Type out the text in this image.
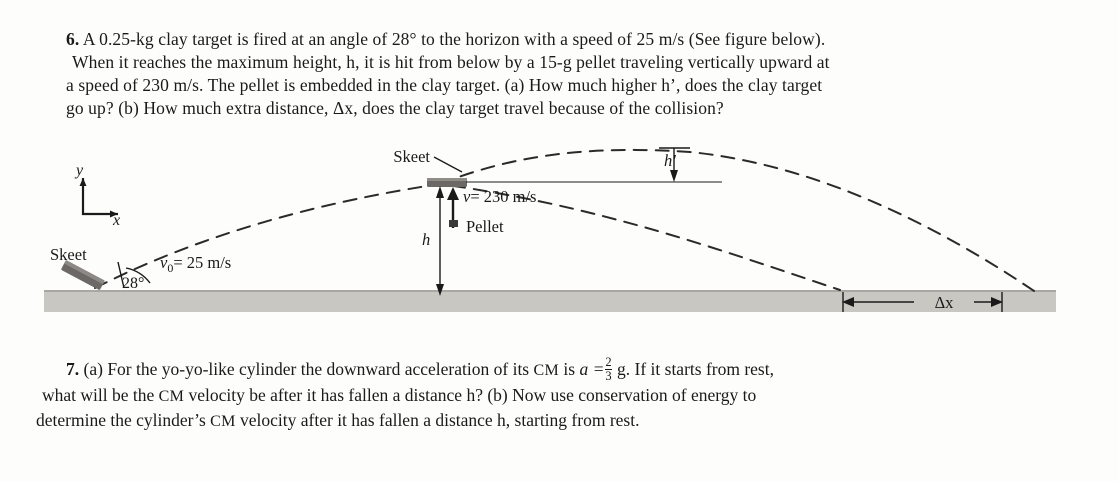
6. A 0.25-kg clay target is fired at an angle of 28° to the horizon with a speed of 25 m/s (See figure below).
When it reaches the maximum height, h, it is hit from below by a 15-g pellet traveling vertically upward at
a speed of 230 m/s. The pellet is embedded in the clay target. (a) How much higher h’, does the clay target
go up? (b) How much extra distance, Δx, does the clay target travel because of the collision?
y
x
Skeet
28°
$v_0= 25$ m/s
Skeet
v= 230 m/s
Pellet
h
h'
Δx
7. (a) For the yo-yo-like cylinder the downward acceleration of its CM is $a =\frac{2}{3} g$. If it starts from rest,
what will be the CM velocity be after it has fallen a distance h? (b) Now use conservation of energy to
determine the cylinder’s CM velocity after it has fallen a distance h, starting from rest.
